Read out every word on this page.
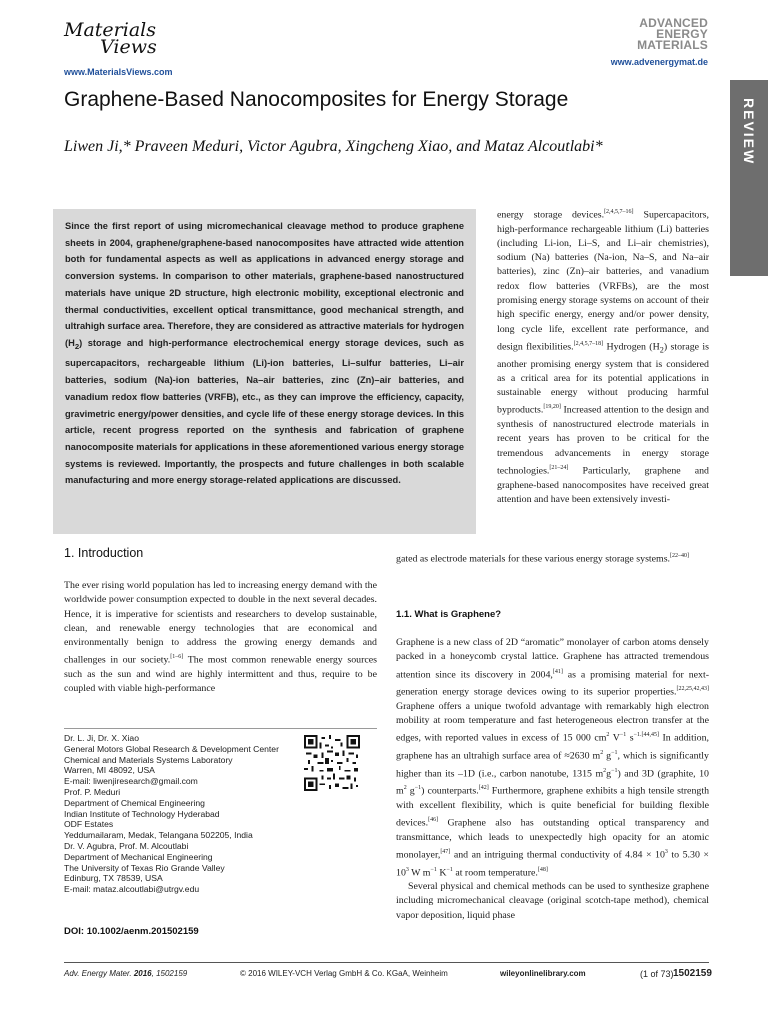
Materials
Views
www.MaterialsViews.com
ADVANCED
ENERGY
MATERIALS
www.advenergymat.de
REVIEW
Graphene-Based Nanocomposites for Energy Storage
Liwen Ji,* Praveen Meduri, Victor Agubra, Xingcheng Xiao, and Mataz Alcoutlabi*

Since the first report of using micromechanical cleavage method to produce graphene sheets in 2004, graphene/graphene-based nanocomposites have attracted wide attention both for fundamental aspects as well as applications in advanced energy storage and conversion systems. In comparison to other materials, graphene-based nanostructured materials have unique 2D structure, high electronic mobility, exceptional electronic and thermal conductivities, excellent optical transmittance, good mechanical strength, and ultrahigh surface area. Therefore, they are considered as attractive materials for hydrogen $(H_2)$ storage and high-performance electrochemical energy storage devices, such as supercapacitors, rechargeable lithium (Li)-ion batteries, Li–sulfur batteries, Li–air batteries, sodium (Na)-ion batteries, Na–air batteries, zinc (Zn)–air batteries, and vanadium redox flow batteries (VRFB), etc., as they can improve the efficiency, capacity, gravimetric energy/power densities, and cycle life of these energy storage devices. In this article, recent progress reported on the synthesis and fabrication of graphene nanocomposite materials for applications in these aforementioned various energy storage systems is reviewed. Importantly, the prospects and future challenges in both scalable manufacturing and more energy storage-related applications are discussed.

energy storage devices.[2,4,5,7–16] Supercapacitors, high-performance rechargeable lithium (Li) batteries (including Li-ion, Li–S, and Li–air chemistries), sodium (Na) batteries (Na-ion, Na–S, and Na–air batteries), zinc (Zn)–air batteries, and vanadium redox flow batteries (VRFBs), are the most promising energy storage systems on account of their high specific energy, energy and/or power density, long cycle life, excellent rate performance, and design flexibilities.[2,4,5,7–18] Hydrogen $(H_2)$ storage is another promising energy system that is considered as a critical area for its potential applications in sustainable energy without producing harmful byproducts.[19,20] Increased attention to the design and synthesis of nanostructured electrode materials in recent years has proven to be critical for the tremendous advancements in energy storage technologies.[21–24] Particularly, graphene and graphene-based nanocomposites have received great attention and have been extensively investi-

gated as electrode materials for these various energy storage systems.[22–40]

1. Introduction

The ever rising world population has led to increasing energy demand with the worldwide power consumption expected to double in the next several decades. Hence, it is imperative for scientists and researchers to develop sustainable, clean, and renewable energy technologies that are economical and environmentally benign to address the growing energy demands and challenges in our society.[1–6] The most common renewable energy sources such as the sun and wind are highly intermittent and thus, require to be coupled with viable high-performance

1.1. What is Graphene?

Graphene is a new class of 2D “aromatic” monolayer of carbon atoms densely packed in a honeycomb crystal lattice. Graphene has attracted tremendous attention since its discovery in 2004,[41] as a promising material for next-generation energy storage devices owing to its superior properties.[22,25,42,43] Graphene offers a unique twofold advantage with remarkably high electron mobility at room temperature and fast heterogeneous electron transfer at the edges, with reported values in excess of 15 000 $cm^2$ $V^{-1}$ $s^{-1.[44,45]}$ In addition, graphene has an ultrahigh surface area of ≈2630 $m^2$ $g^{-1}$, which is significantly higher than its –1D (i.e., carbon nanotube, 1315 $m^2g^{-1}$) and 3D (graphite, 10 $m^2$ $g^{-1}$) counterparts.[42] Furthermore, graphene exhibits a high tensile strength with excellent flexibility, which is quite beneficial for building flexible devices.[46] Graphene also has outstanding optical transparency and transmittance, which leads to unexpectedly high opacity for an atomic monolayer,[47] and an intriguing thermal conductivity of $4.84 \times 10^3$ to $5.30 \times 10^3$ W $m^{-1}$ $K^{-1}$ at room temperature.[48]

Several physical and chemical methods can be used to synthesize graphene including micromechanical cleavage (original scotch-tape method), chemical vapor deposition, liquid phase

Dr. L. Ji, Dr. X. Xiao
General Motors Global Research & Development Center
Chemical and Materials Systems Laboratory
Warren, MI 48092, USA
E-mail: liwenjiresearch@gmail.com
Prof. P. Meduri
Department of Chemical Engineering
Indian Institute of Technology Hyderabad
ODF Estates
Yeddumailaram, Medak, Telangana 502205, India
Dr. V. Agubra, Prof. M. Alcoutlabi
Department of Mechanical Engineering
The University of Texas Rio Grande Valley
Edinburg, TX 78539, USA
E-mail: mataz.alcoutlabi@utrgv.edu
DOI: 10.1002/aenm.201502159
Adv. Energy Mater. 2016, 1502159	© 2016 WILEY-VCH Verlag GmbH & Co. KGaA, Weinheim	wileyonlinelibrary.com	(1 of 73) 1502159
